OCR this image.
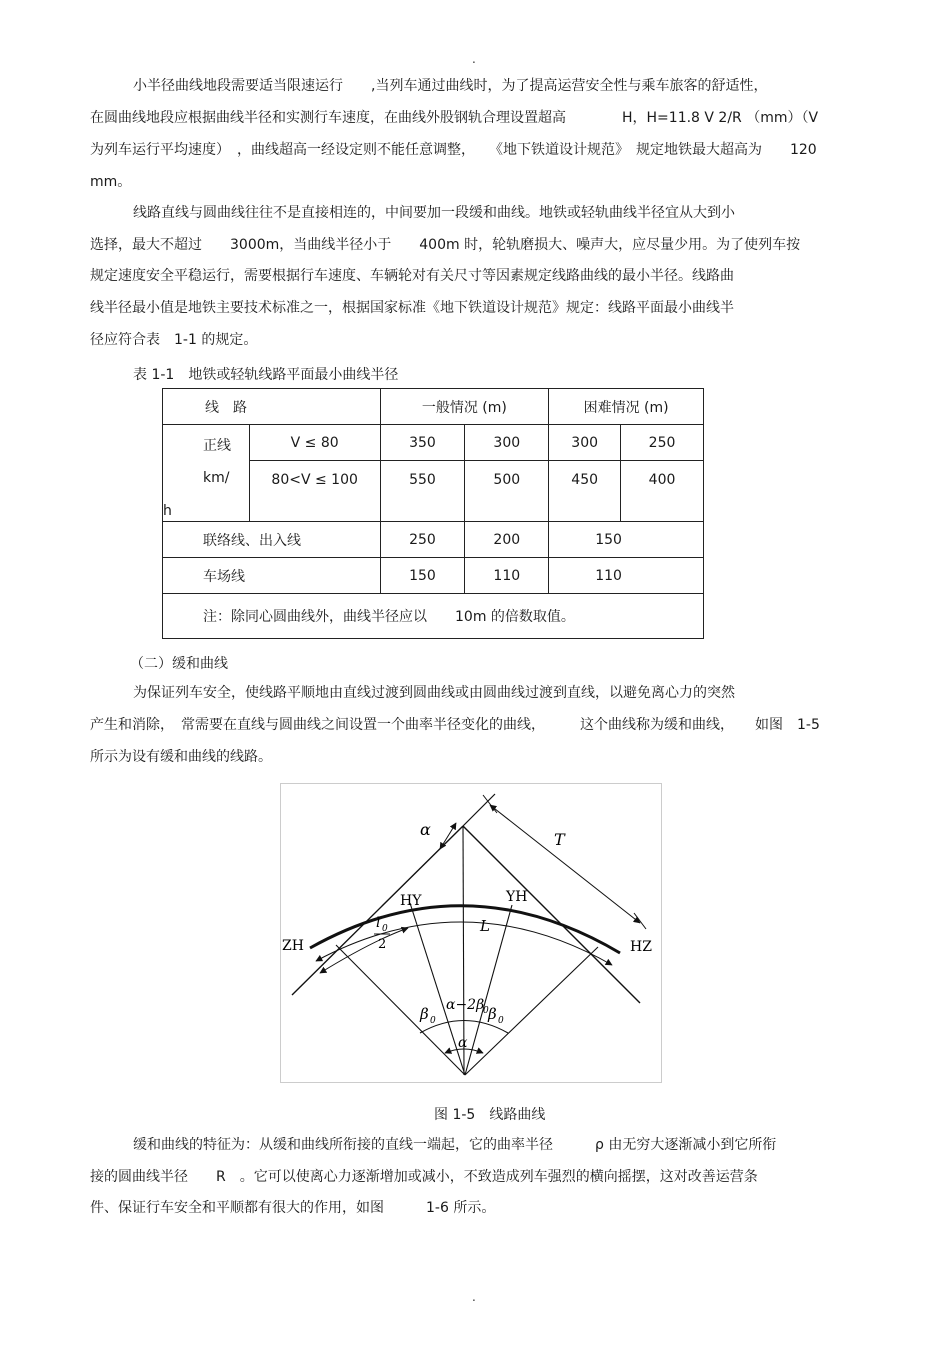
.
小半径曲线地段需要适当限速运行　　,当列车通过曲线时，为了提高运营安全性与乘车旅客的舒适性，
在圆曲线地段应根据曲线半径和实测行车速度，在曲线外股钢轨合理设置超高　　　　H，H=11.8 V 2/R （mm）（V
为列车运行平均速度）　，曲线超高一经设定则不能任意调整，　　《地下铁道设计规范》　规定地铁最大超高为　　120
mm。
线路直线与圆曲线往往不是直接相连的，中间要加一段缓和曲线。地铁或轻轨曲线半径宜从大到小
选择，最大不超过　　3000m，当曲线半径小于　　400m 时，轮轨磨损大、噪声大，应尽量少用。为了使列车按
规定速度安全平稳运行，需要根据行车速度、车辆轮对有关尺寸等因素规定线路曲线的最小半径。线路曲
线半径最小值是地铁主要技术标准之一，根据国家标准《地下铁道设计规范》规定：线路平面最小曲线半
径应符合表　1-1 的规定。
表 1-1　地铁或轻轨线路平面最小曲线半径
线　路		一般情况 (m)		困难情况 (m)	

正线
km/
h	V ≤ 80	350	300	300	250
	80<V ≤ 100	550	500	450	400
联络线、出入线		250	200	150	
车场线		150	110	110	
注：除同心圆曲线外，曲线半径应以　　10m 的倍数取值。					
（二）缓和曲线
为保证列车安全，使线路平顺地由直线过渡到圆曲线或由圆曲线过渡到直线，以避免离心力的突然
产生和消除，　常需要在直线与圆曲线之间设置一个曲率半径变化的曲线，　　　这个曲线称为缓和曲线，　　如图　1-5
所示为设有缓和曲线的线路。
α
T
HY	YH
ZH	HZ
L
l 0
2
β 0
α−2β
0 β 0
α
图 1-5　线路曲线
缓和曲线的特征为：从缓和曲线所衔接的直线一端起，它的曲率半径　　　ρ 由无穷大逐渐减小到它所衔
接的圆曲线半径　　R　。它可以使离心力逐渐增加或减小，不致造成列车强烈的横向摇摆，这对改善运营条
件、保证行车安全和平顺都有很大的作用，如图　　　1-6 所示。
.
